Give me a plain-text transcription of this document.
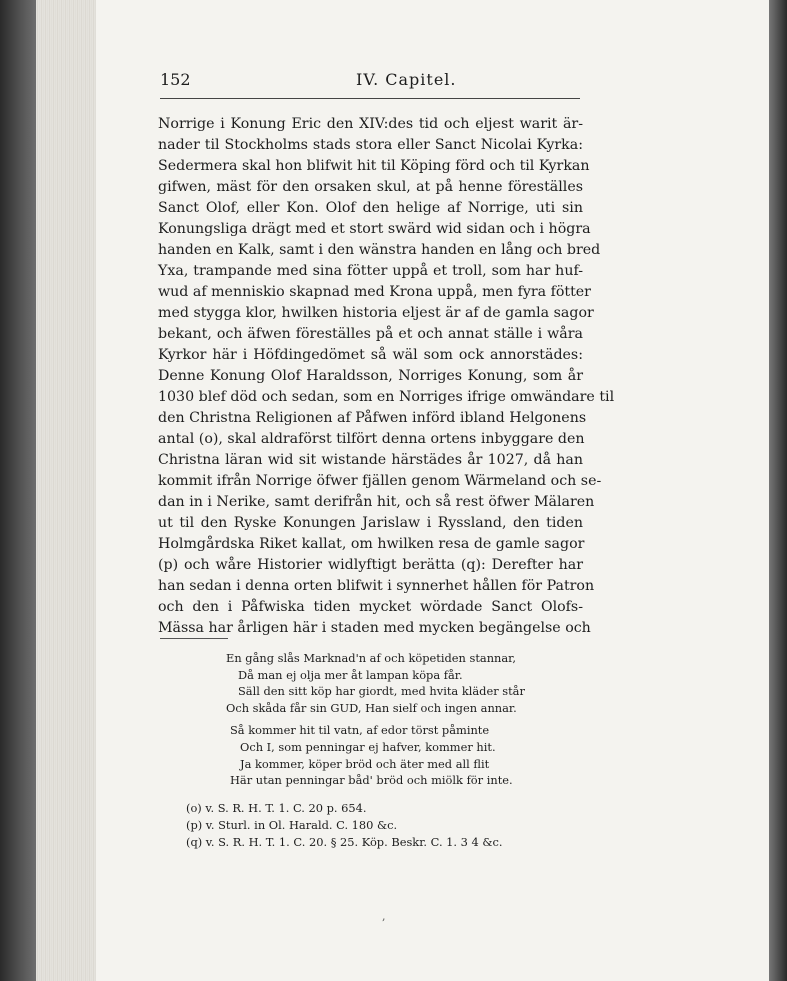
152	IV. Capitel.
Norrige i Konung Eric den XIV:des tid och eljest warit är-
nader til Stockholms stads stora eller Sanct Nicolai Kyrka:
Sedermera skal hon blifwit hit til Köping förd och til Kyrkan
gifwen, mäst för den orsaken skul, at på henne föreställes
Sanct Olof, eller Kon. Olof den helige af Norrige, uti sin
Konungsliga drägt med et stort swärd wid sidan och i högra
handen en Kalk, samt i den wänstra handen en lång och bred
Yxa, trampande med sina fötter uppå et troll, som har huf-
wud af menniskio skapnad med Krona uppå, men fyra fötter
med stygga klor, hwilken historia eljest är af de gamla sagor
bekant, och äfwen föreställes på et och annat ställe i wåra
Kyrkor här i Höfdingedömet så wäl som ock annorstädes:
Denne Konung Olof Haraldsson, Norriges Konung, som år
1030 blef död och sedan, som en Norriges ifrige omwändare til
den Christna Religionen af Påfwen införd ibland Helgonens
antal (o), skal aldraförst tilfört denna ortens inbyggare den
Christna läran wid sit wistande härstädes år 1027, då han
kommit ifrån Norrige öfwer fjällen genom Wärmeland och se-
dan in i Nerike, samt derifrån hit, och så rest öfwer Mälaren
ut til den Ryske Konungen Jarislaw i Ryssland, den tiden
Holmgårdska Riket kallat, om hwilken resa de gamle sagor
(p) och wåre Historier widlyftigt berätta (q): Derefter har
han sedan i denna orten blifwit i synnerhet hållen för Patron
och den i Påfwiska tiden mycket wördade Sanct Olofs-
Mässa har årligen här i staden med mycken begängelse och
En gång slås Marknad'n af och köpetiden stannar,
Då man ej olja mer åt lampan köpa får.
Säll den sitt köp har giordt, med hvita kläder står
Och skåda får sin GUD, Han sielf och ingen annar.
Så kommer hit til vatn, af edor törst påminte
Och I, som penningar ej hafver, kommer hit.
Ja kommer, köper bröd och äter med all flit
Här utan penningar båd' bröd och miölk för inte.
(o) v. S. R. H. T. 1. C. 20 p. 654.
(p) v. Sturl. in Ol. Harald. C. 180 &c.
(q) v. S. R. H. T. 1. C. 20. § 25. Köp. Beskr. C. 1. 3 4 &c.
,
